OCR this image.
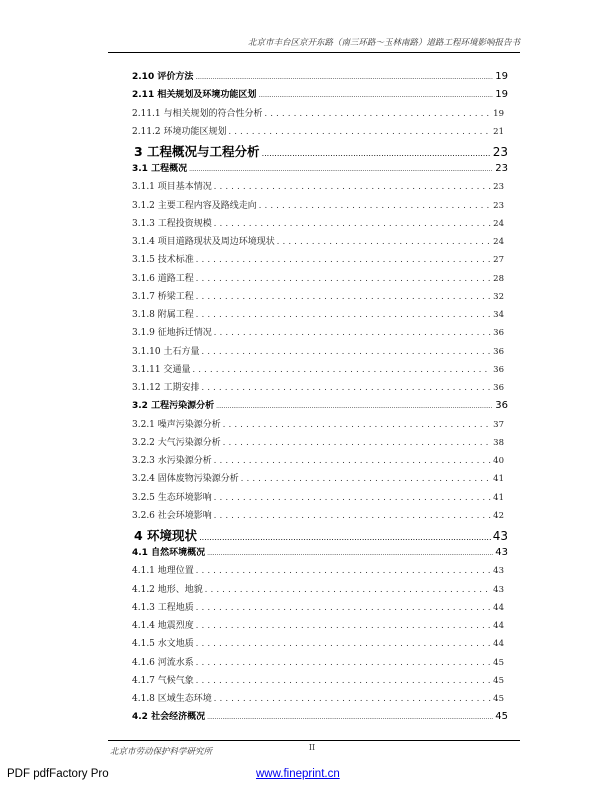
北京市丰台区京开东路（南三环路～玉林南路）道路工程环境影响报告书
2.10 评价方法 .....	19
2.11 相关规划及环境功能区划 .....	19
2.11.1 与相关规划的符合性分析 .....	19
2.11.2 环境功能区规划 .....	21
3 工程概况与工程分析 .....	23
3.1 工程概况 .....	23
3.1.1 项目基本情况 .....	23
3.1.2 主要工程内容及路线走向 .....	23
3.1.3 工程投资规模 .....	24
3.1.4 项目道路现状及周边环境现状 .....	24
3.1.5 技术标准 .....	27
3.1.6 道路工程 .....	28
3.1.7 桥梁工程 .....	32
3.1.8 附属工程 .....	34
3.1.9 征地拆迁情况 .....	36
3.1.10 土石方量 .....	36
3.1.11 交通量 .....	36
3.1.12 工期安排 .....	36
3.2 工程污染源分析 .....	36
3.2.1 噪声污染源分析 .....	37
3.2.2 大气污染源分析 .....	38
3.2.3 水污染源分析 .....	40
3.2.4 固体废物污染源分析 .....	41
3.2.5 生态环境影响 .....	41
3.2.6 社会环境影响 .....	42
4 环境现状 .....	43
4.1 自然环境概况 .....	43
4.1.1 地理位置 .....	43
4.1.2 地形、地貌 .....	43
4.1.3 工程地质 .....	44
4.1.4 地震烈度 .....	44
4.1.5 水文地质 .....	44
4.1.6 河流水系 .....	45
4.1.7 气候气象 .....	45
4.1.8 区域生态环境 .....	45
4.2 社会经济概况 .....	45
北京市劳动保护科学研究所	II
PDF pdfFactory Pro	www.fineprint.cn
